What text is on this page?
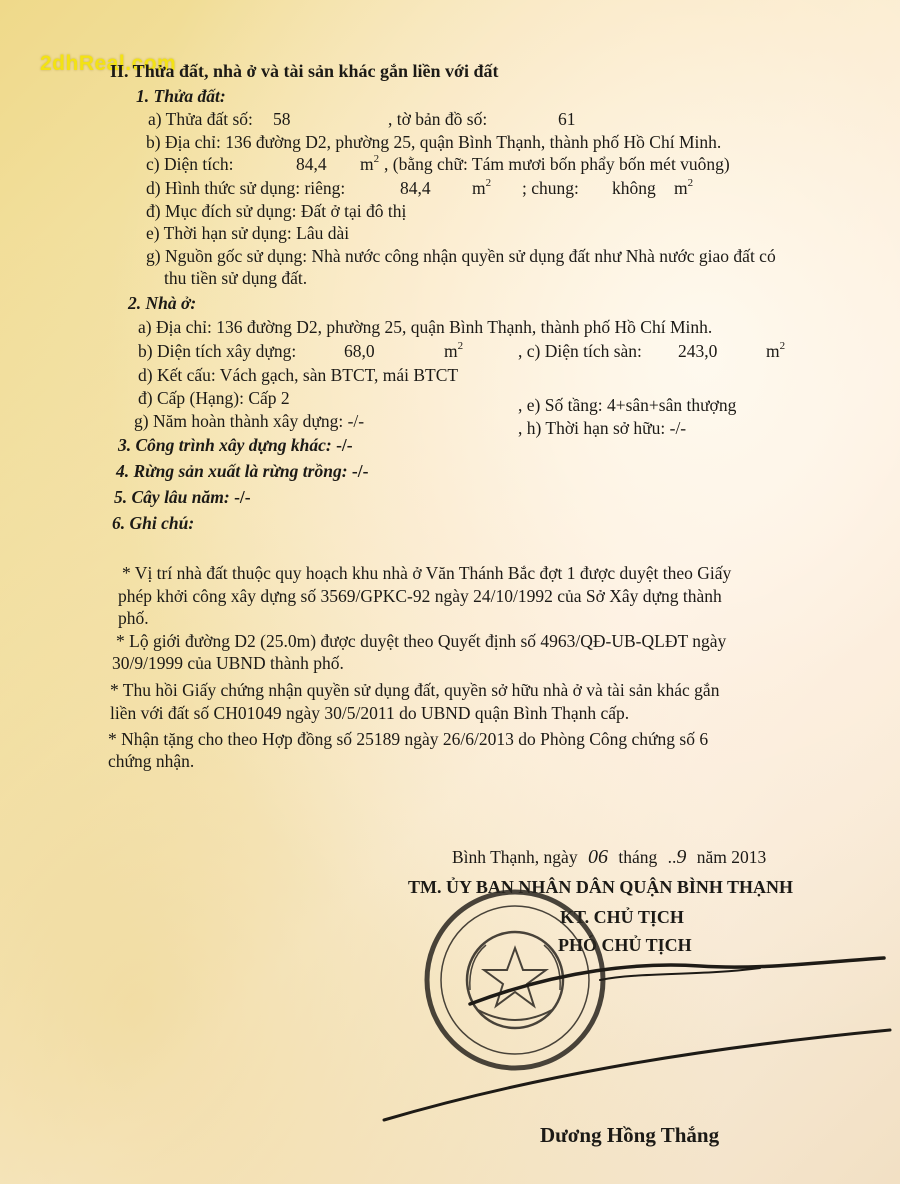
2dhReal.com
II. Thửa đất, nhà ở và tài sản khác gắn liền với đất
1. Thửa đất:
a) Thửa đất số: 58	, tờ bản đồ số:	61
b) Địa chỉ: 136 đường D2, phường 25, quận Bình Thạnh, thành phố Hồ Chí Minh.
c) Diện tích:	84,4 $m^2$ , (bằng chữ: Tám mươi bốn phẩy bốn mét vuông)
d) Hình thức sử dụng: riêng:	84,4 $m^2$ ; chung: không $m^2$
đ) Mục đích sử dụng: Đất ở tại đô thị
e) Thời hạn sử dụng: Lâu dài
g) Nguồn gốc sử dụng: Nhà nước công nhận quyền sử dụng đất như Nhà nước giao đất có
thu tiền sử dụng đất.
2. Nhà ở:
a) Địa chỉ: 136 đường D2, phường 25, quận Bình Thạnh, thành phố Hồ Chí Minh.
b) Diện tích xây dựng:	68,0	$m^2$	, c) Diện tích sàn: 243,0	$m^2$
d) Kết cấu: Vách gạch, sàn BTCT, mái BTCT
đ) Cấp (Hạng): Cấp 2	, e) Số tầng: 4+sân+sân thượng
g) Năm hoàn thành xây dựng: -/-	, h) Thời hạn sở hữu: -/-
3. Công trình xây dựng khác: -/-
4. Rừng sản xuất là rừng trồng: -/-
5. Cây lâu năm: -/-
6. Ghi chú:
* Vị trí nhà đất thuộc quy hoạch khu nhà ở Văn Thánh Bắc đợt 1 được duyệt theo Giấy
phép khởi công xây dựng số 3569/GPKC-92 ngày 24/10/1992 của Sở Xây dựng thành
phố.
* Lộ giới đường D2 (25.0m) được duyệt theo Quyết định số 4963/QĐ-UB-QLĐT ngày
30/9/1999 của UBND thành phố.
* Thu hồi Giấy chứng nhận quyền sử dụng đất, quyền sở hữu nhà ở và tài sản khác gắn
liền với đất số CH01049 ngày 30/5/2011 do UBND quận Bình Thạnh cấp.
* Nhận tặng cho theo Hợp đồng số 25189 ngày 26/6/2013 do Phòng Công chứng số 6
chứng nhận.
Bình Thạnh, ngày 06 tháng ..9 năm 2013
TM. ỦY BAN NHÂN DÂN QUẬN BÌNH THẠNH
KT. CHỦ TỊCH
PHÓ CHỦ TỊCH
Dương Hồng Thắng
